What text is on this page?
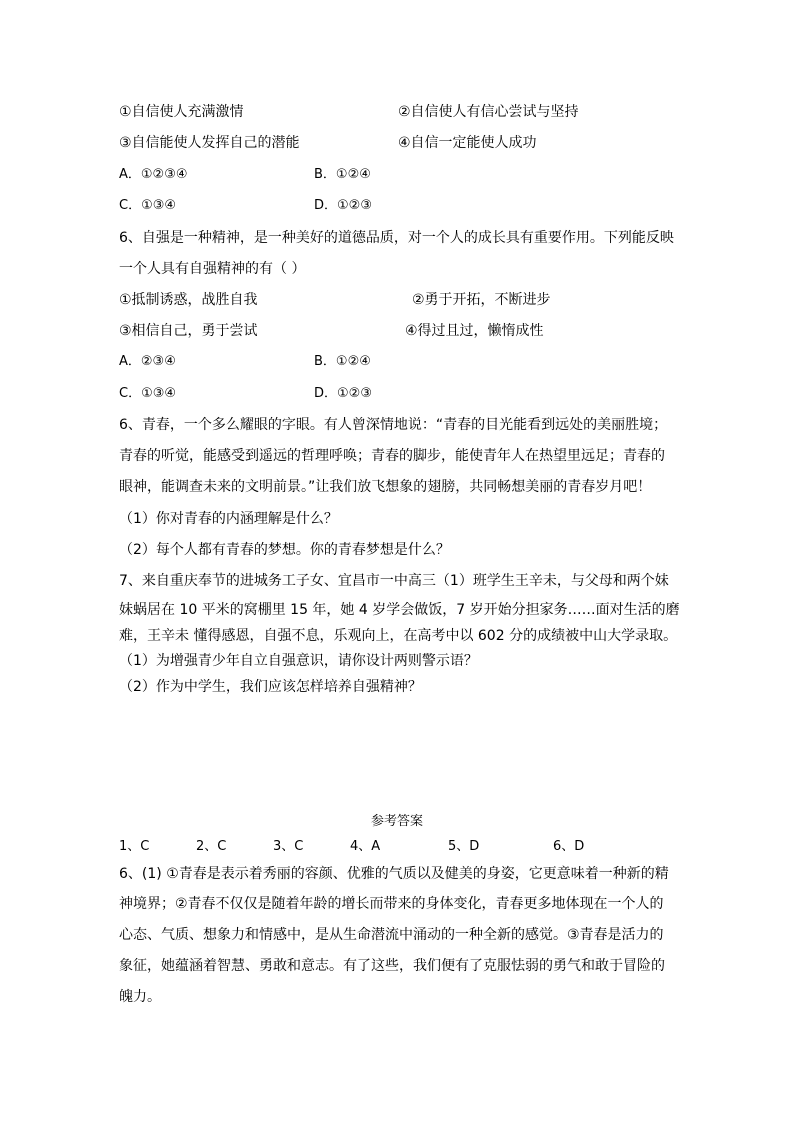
①自信使人充满激情	②自信使人有信心尝试与坚持
③自信能使人发挥自己的潜能	④自信一定能使人成功
A．①②③④	B．①②④
C．①③④	D．①②③
6、自强是一种精神，是一种美好的道德品质，对一个人的成长具有重要作用。下列能反映
一个人具有自强精神的有（ ）
①抵制诱惑，战胜自我	②勇于开拓，不断进步
③相信自己，勇于尝试	④得过且过，懒惰成性
A．②③④	B．①②④
C．①③④	D．①②③
6、青春，一个多么耀眼的字眼。有人曾深情地说：“青春的目光能看到远处的美丽胜境；
青春的听觉，能感受到遥远的哲理呼唤；青春的脚步，能使青年人在热望里远足；青春的
眼神，能调查未来的文明前景。”让我们放飞想象的翅膀，共同畅想美丽的青春岁月吧！
（1）你对青春的内涵理解是什么？
（2）每个人都有青春的梦想。你的青春梦想是什么？
7、来自重庆奉节的进城务工子女、宜昌市一中高三（1）班学生王辛未，与父母和两个妹
妹蜗居在 10 平米的窝棚里 15 年，她 4 岁学会做饭，7 岁开始分担家务……面对生活的磨
难，王辛未 懂得感恩，自强不息，乐观向上，在高考中以 602 分的成绩被中山大学录取。
（1）为增强青少年自立自强意识，请你设计两则警示语？
（2）作为中学生，我们应该怎样培养自强精神？
参考答案
1、C	2、C	3、C	4、A	5、D	6、D
6、(1) ①青春是表示着秀丽的容颜、优雅的气质以及健美的身姿，它更意味着一种新的精
神境界；②青春不仅仅是随着年龄的增长而带来的身体变化，青春更多地体现在一个人的
心态、气质、想象力和情感中，是从生命潜流中涌动的一种全新的感觉。③青春是活力的
象征，她蕴涵着智慧、勇敢和意志。有了这些，我们便有了克服怯弱的勇气和敢于冒险的
魄力。
